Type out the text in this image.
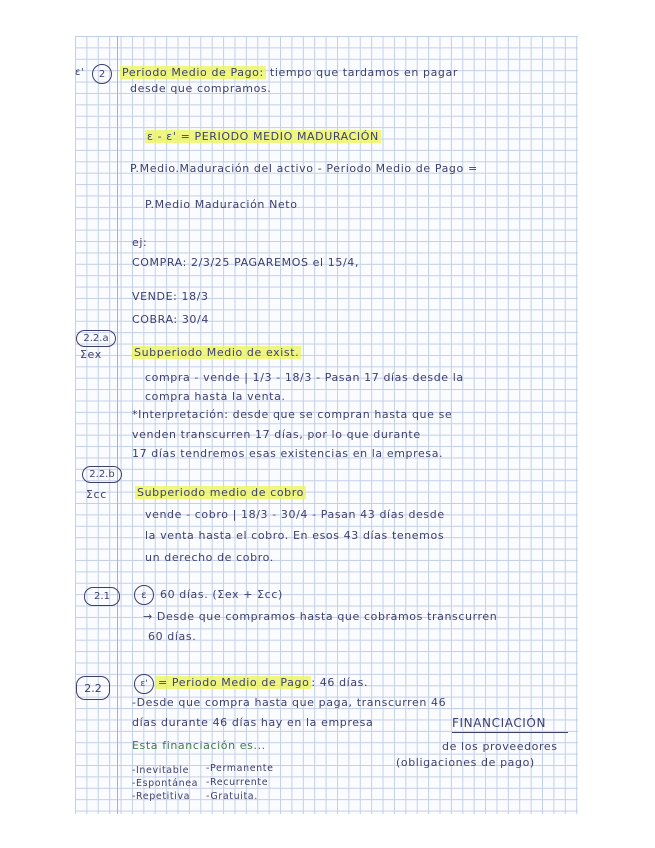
ε'	2	Periodo Medio de Pago: tiempo que tardamos en pagar
desde que compramos.
ε - ε' = PERIODO MEDIO MADURACIÓN
P.Medio.Maduración del activo - Periodo Medio de Pago =
P.Medio Maduración Neto
ej:
COMPRA: 2/3/25 PAGAREMOS el 15/4,
VENDE: 18/3
COBRA: 30/4
2.2.a
Σex	Subperiodo Medio de exist.
compra - vende | 1/3 - 18/3 - Pasan 17 días desde la
compra hasta la venta.
*Interpretación: desde que se compran hasta que se
venden transcurren 17 días, por lo que durante
17 días tendremos esas existencias en la empresa.
2.2.b
Σcc	Subperiodo medio de cobro
vende - cobro | 18/3 - 30/4 - Pasan 43 días desde
la venta hasta el cobro. En esos 43 días tenemos
un derecho de cobro.
2.1	ε	60 días. (Σex + Σcc)
→ Desde que compramos hasta que cobramos transcurren
60 días.
2.2	ε' = Periodo Medio de Pago : 46 días.
-Desde que compra hasta que paga, transcurren 46
días durante 46 días hay en la empresa	FINANCIACIÓN
Esta financiación es...	de los proveedores
(obligaciones de pago)
-Inevitable
-Espontánea
-Repetitiva
-Permanente
-Recurrente
-Gratuita.
